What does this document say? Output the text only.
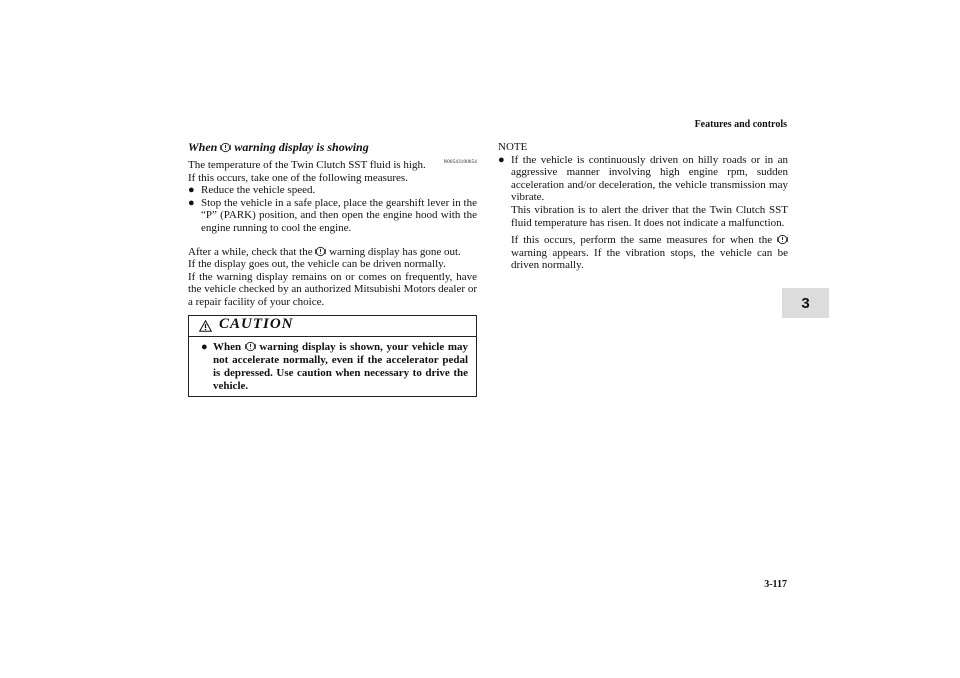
Features and controls
3
3-117
When warning display is showing
N00543100054

The temperature of the Twin Clutch SST fluid is high.

If this occurs, take one of the following measures.

● Reduce the vehicle speed.
● Stop the vehicle in a safe place, place the gearshift lever in the “P” (PARK) position, and then open the engine hood with the engine running to cool the engine.

After a while, check that the warning display has gone out.

If the display goes out, the vehicle can be driven normally.

If the warning display remains on or comes on frequently, have the vehicle checked by an authorized Mitsubishi Motors dealer or a repair facility of your choice.

CAUTION
● When warning display is shown, your vehicle may not accelerate normally, even if the accelerator pedal is depressed. Use caution when necessary to drive the vehicle.
NOTE
● If the vehicle is continuously driven on hilly roads or in an aggressive manner involving high engine rpm, sudden acceleration and/or deceleration, the vehicle transmission may vibrate.
This vibration is to alert the driver that the Twin Clutch SST fluid temperature has risen. It does not indicate a malfunction.
If this occurs, perform the same measures for when the
warning appears. If the vibration stops, the vehicle can be driven normally.
